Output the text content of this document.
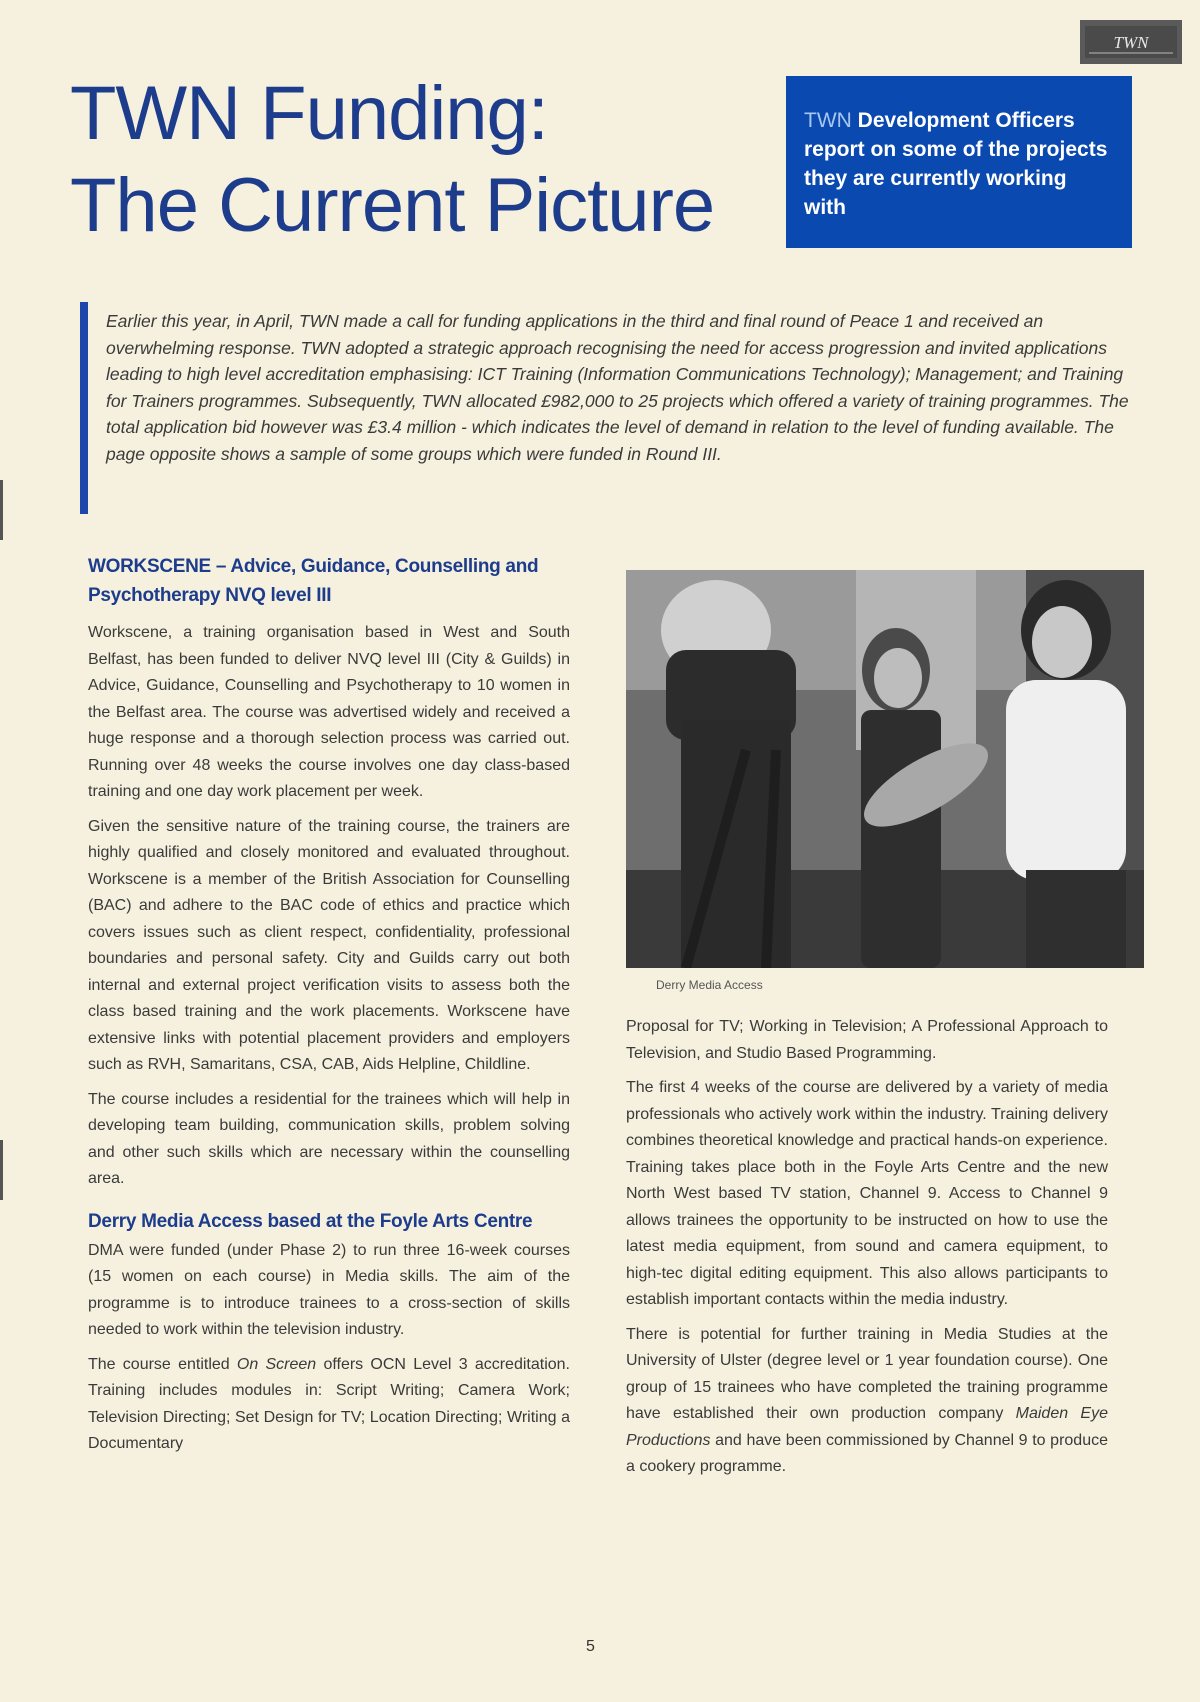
TWN
TWN Funding:
The Current Picture
TWN Development Officers report on some of the projects they are currently working with

Earlier this year, in April, TWN made a call for funding applications in the third and final round of Peace 1 and received an overwhelming response. TWN adopted a strategic approach recognising the need for access progression and invited applications leading to high level accreditation emphasising: ICT Training (Information Communications Technology); Management; and Training for Trainers programmes. Subsequently, TWN allocated £982,000 to 25 projects which offered a variety of training programmes. The total application bid however was £3.4 million - which indicates the level of demand in relation to the level of funding available. The page opposite shows a sample of some groups which were funded in Round III.

WORKSCENE – Advice, Guidance, Counselling and Psychotherapy NVQ level III

Workscene, a training organisation based in West and South Belfast, has been funded to deliver NVQ level III (City & Guilds) in Advice, Guidance, Counselling and Psychotherapy to 10 women in the Belfast area. The course was advertised widely and received a huge response and a thorough selection process was carried out. Running over 48 weeks the course involves one day class-based training and one day work placement per week.

Given the sensitive nature of the training course, the trainers are highly qualified and closely monitored and evaluated throughout. Workscene is a member of the British Association for Counselling (BAC) and adhere to the BAC code of ethics and practice which covers issues such as client respect, confidentiality, professional boundaries and personal safety. City and Guilds carry out both internal and external project verification visits to assess both the class based training and the work placements. Workscene have extensive links with potential placement providers and employers such as RVH, Samaritans, CSA, CAB, Aids Helpline, Childline.

The course includes a residential for the trainees which will help in developing team building, communication skills, problem solving and other such skills which are necessary within the counselling area.

Derry Media Access based at the Foyle Arts Centre

DMA were funded (under Phase 2) to run three 16-week courses (15 women on each course) in Media skills. The aim of the programme is to introduce trainees to a cross-section of skills needed to work within the television industry.

The course entitled On Screen offers OCN Level 3 accreditation. Training includes modules in: Script Writing; Camera Work; Television Directing; Set Design for TV; Location Directing; Writing a Documentary

Derry Media Access

Proposal for TV; Working in Television; A Professional Approach to Television, and Studio Based Programming.

The first 4 weeks of the course are delivered by a variety of media professionals who actively work within the industry. Training delivery combines theoretical knowledge and practical hands-on experience. Training takes place both in the Foyle Arts Centre and the new North West based TV station, Channel 9. Access to Channel 9 allows trainees the opportunity to be instructed on how to use the latest media equipment, from sound and camera equipment, to high-tec digital editing equipment. This also allows participants to establish important contacts within the media industry.

There is potential for further training in Media Studies at the University of Ulster (degree level or 1 year foundation course). One group of 15 trainees who have completed the training programme have established their own production company Maiden Eye Productions and have been commissioned by Channel 9 to produce a cookery programme.

5
